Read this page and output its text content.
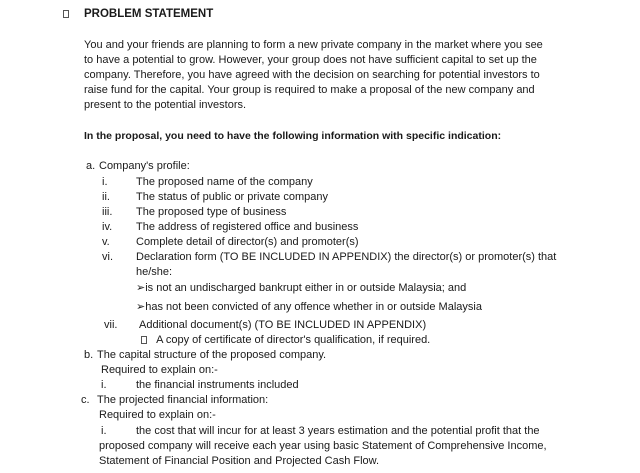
PROBLEM STATEMENT
You and your friends are planning to form a new private company in the market where you see
to have a potential to grow. However, your group does not have sufficient capital to set up the
company. Therefore, you have agreed with the decision on searching for potential investors to
raise fund for the capital. Your group is required to make a proposal of the new company and
present to the potential investors.
In the proposal, you need to have the following information with specific indication:
a. Company's profile:
i.	The proposed name of the company
ii. The status of public or private company
iii. The proposed type of business
iv. The address of registered office and business
v. Complete detail of director(s) and promoter(s)
vi. Declaration form (TO BE INCLUDED IN APPENDIX) the director(s) or promoter(s) that
he/she:
➢is not an undischarged bankrupt either in or outside Malaysia; and
➢has not been convicted of any offence whether in or outside Malaysia
vii. Additional document(s) (TO BE INCLUDED IN APPENDIX)
A copy of certificate of director's qualification, if required.
b. The capital structure of the proposed company.
Required to explain on:-
i.	the financial instruments included
c. The projected financial information:
Required to explain on:-
i.	the cost that will incur for at least 3 years estimation and the potential profit that the
proposed company will receive each year using basic Statement of Comprehensive Income,
Statement of Financial Position and Projected Cash Flow.
